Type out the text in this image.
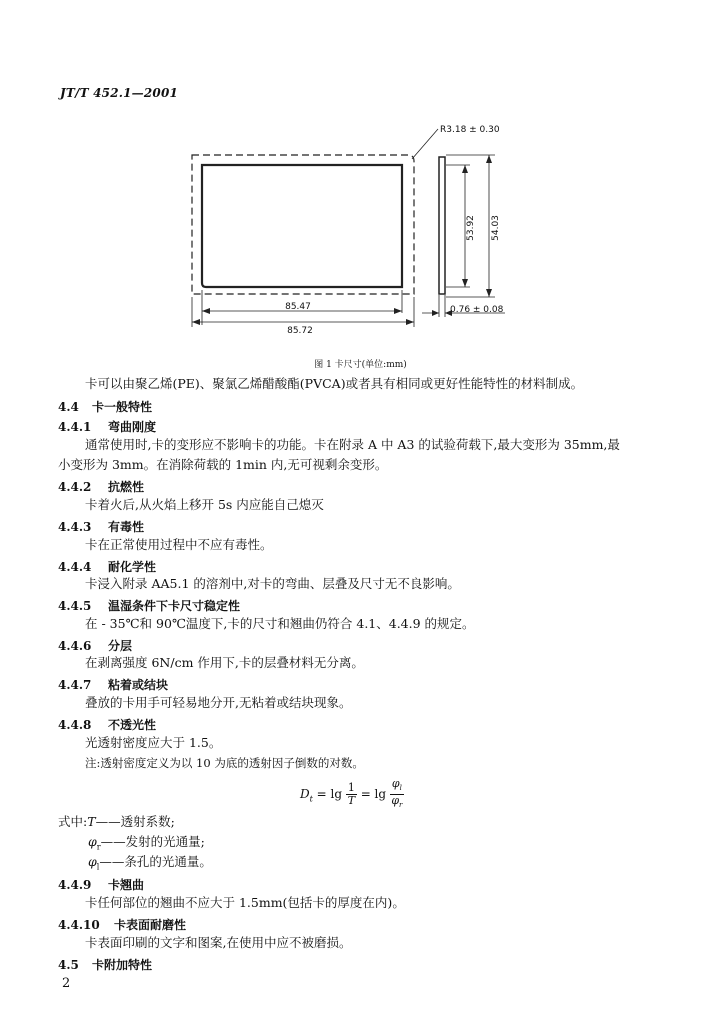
JT/T 452.1—2001
85.47
85.72
R3.18 ± 0.30
53.92 54.03
0.76 ± 0.08
图 1 卡尺寸(单位:mm)
卡可以由聚乙烯(PE)、聚氯乙烯醋酸酯(PVCA)或者具有相同或更好性能特性的材料制成。
4.4 卡一般特性
4.4.1 弯曲刚度
通常使用时,卡的变形应不影响卡的功能。卡在附录 A 中 A3 的试验荷载下,最大变形为 35mm,最
小变形为 3mm。在消除荷载的 1min 内,无可视剩余变形。
4.4.2 抗燃性
卡着火后,从火焰上移开 5s 内应能自己熄灭
4.4.3 有毒性
卡在正常使用过程中不应有毒性。
4.4.4 耐化学性
卡浸入附录 AA5.1 的溶剂中,对卡的弯曲、层叠及尺寸无不良影响。
4.4.5 温湿条件下卡尺寸稳定性
在 - 35℃和 90℃温度下,卡的尺寸和翘曲仍符合 4.1、4.4.9 的规定。
4.4.6 分层
在剥离强度 6N/cm 作用下,卡的层叠材料无分离。
4.4.7 粘着或结块
叠放的卡用手可轻易地分开,无粘着或结块现象。
4.4.8 不透光性
光透射密度应大于 1.5。
注:透射密度定义为以 10 为底的透射因子倒数的对数。
$D_t = \lg \frac{1}{T} = \lg \frac{\varphi_l}{\varphi_r}$
式中:T——透射系数;
$\varphi_r——$发射的光通量;
$\varphi_l——$条孔的光通量。
4.4.9 卡翘曲
卡任何部位的翘曲不应大于 1.5mm(包括卡的厚度在内)。
4.4.10 卡表面耐磨性
卡表面印刷的文字和图案,在使用中应不被磨损。
4.5 卡附加特性
2
